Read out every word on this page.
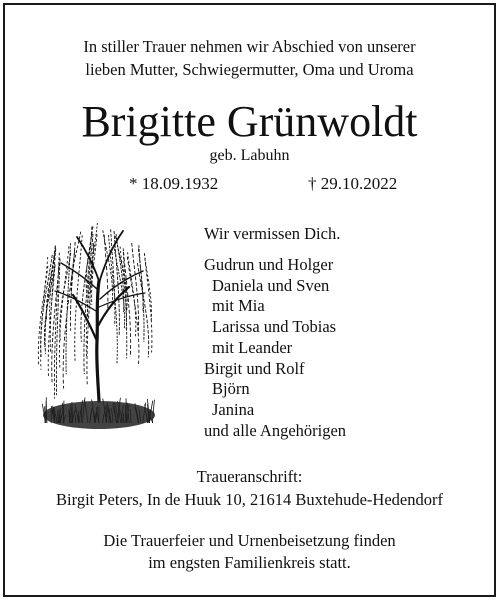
In stiller Trauer nehmen wir Abschied von unserer
lieben Mutter, Schwiegermutter, Oma und Uroma
Brigitte Grünwoldt
geb. Labuhn
* 18.09.1932	† 29.10.2022
Wir vermissen Dich.
Gudrun und Holger
Daniela und Sven
mit Mia
Larissa und Tobias
mit Leander
Birgit und Rolf
Björn
Janina
und alle Angehörigen
Traueranschrift:
Birgit Peters, In de Huuk 10, 21614 Buxtehude-Hedendorf
Die Trauerfeier und Urnenbeisetzung finden
im engsten Familienkreis statt.
